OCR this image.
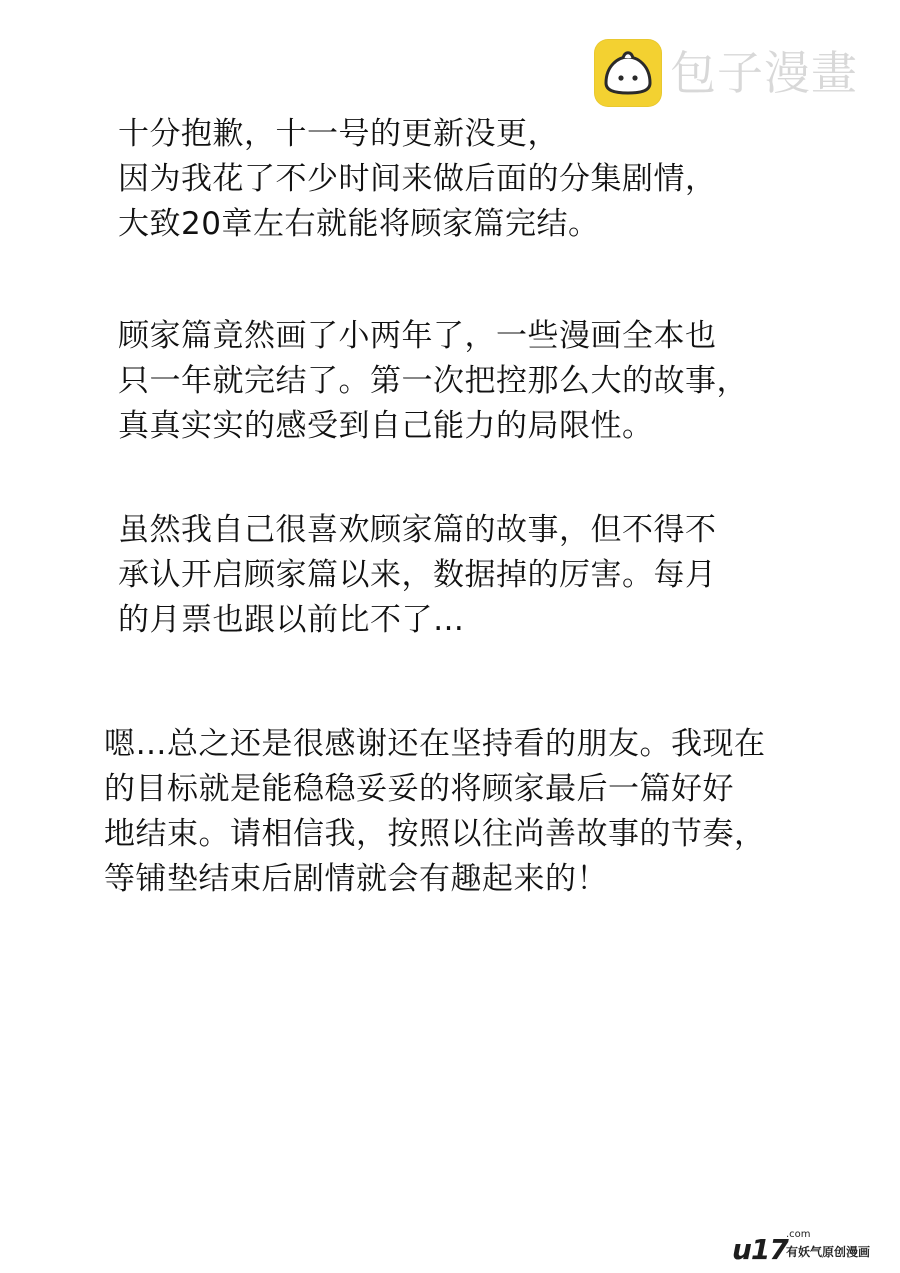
包子漫畫
十分抱歉，十一号的更新没更，
因为我花了不少时间来做后面的分集剧情，
大致20章左右就能将顾家篇完结。
顾家篇竟然画了小两年了，一些漫画全本也
只一年就完结了。第一次把控那么大的故事，
真真实实的感受到自己能力的局限性。
虽然我自己很喜欢顾家篇的故事，但不得不
承认开启顾家篇以来，数据掉的厉害。每月
的月票也跟以前比不了…
嗯…总之还是很感谢还在坚持看的朋友。我现在
的目标就是能稳稳妥妥的将顾家最后一篇好好
地结束。请相信我，按照以往尚善故事的节奏，
等铺垫结束后剧情就会有趣起来的！
u17
.com
有妖气原创漫画
